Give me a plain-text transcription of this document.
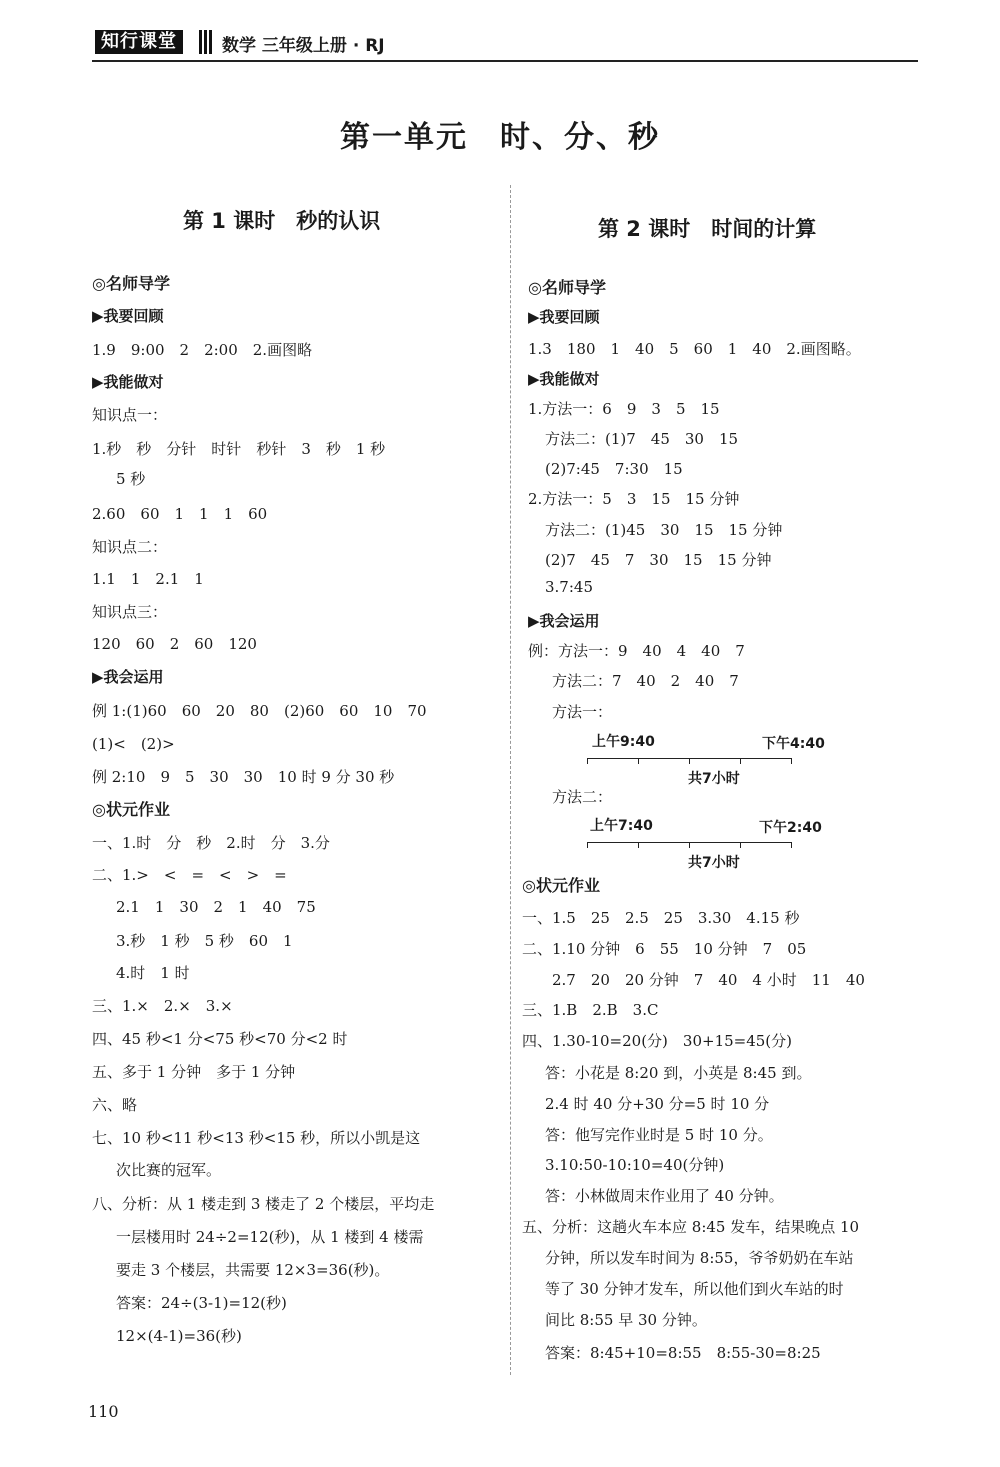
知行课堂	数学 三年级上册 · RJ
第一单元　时、分、秒
第 1 课时　秒的认识
◎名师导学
▶我要回顾
1.9　9:00　2　2:00　2.画图略
▶我能做对
知识点一：
1.秒　秒　分针　时针　秒针　3　秒　1 秒
5 秒
2.60　60　1　1　1　60
知识点二：
1.1　1　2.1　1
知识点三：
120　60　2　60　120
▶我会运用
例 1:(1)60　60　20　80　(2)60　60　10　70
(1)<　(2)>
例 2:10　9　5　30　30　10 时 9 分 30 秒
◎状元作业
一、1.时　分　秒　2.时　分　3.分
二、1.>　<　=　<　>　=
2.1　1　30　2　1　40　75
3.秒　1 秒　5 秒　60　1
4.时　1 时
三、1.×　2.×　3.×
四、45 秒<1 分<75 秒<70 分<2 时
五、多于 1 分钟　多于 1 分钟
六、略
七、10 秒<11 秒<13 秒<15 秒，所以小凯是这
次比赛的冠军。
八、分析：从 1 楼走到 3 楼走了 2 个楼层，平均走
一层楼用时 24÷2=12(秒)，从 1 楼到 4 楼需
要走 3 个楼层，共需要 12×3=36(秒)。
答案：24÷(3-1)=12(秒)
12×(4-1)=36(秒)
第 2 课时　时间的计算
◎名师导学
▶我要回顾
1.3　180　1　40　5　60　1　40　2.画图略。
▶我能做对
1.方法一：6　9　3　5　15
方法二：(1)7　45　30　15
(2)7:45　7:30　15
2.方法一：5　3　15　15 分钟
方法二：(1)45　30　15　15 分钟
(2)7　45　7　30　15　15 分钟
3.7:45
▶我会运用
例：方法一：9　40　4　40　7
方法二：7　40　2　40　7
方法一：
上午9:40	下午4:40
共7小时
方法二：
上午7:40	下午2:40
共7小时
◎状元作业
一、1.5　25　2.5　25　3.30　4.15 秒
二、1.10 分钟　6　55　10 分钟　7　05
2.7　20　20 分钟　7　40　4 小时　11　40
三、1.B　2.B　3.C
四、1.30-10=20(分)　30+15=45(分)
答：小花是 8:20 到，小英是 8:45 到。
2.4 时 40 分+30 分=5 时 10 分
答：他写完作业时是 5 时 10 分。
3.10:50-10:10=40(分钟)
答：小林做周末作业用了 40 分钟。
五、分析：这趟火车本应 8:45 发车，结果晚点 10
分钟，所以发车时间为 8:55，爷爷奶奶在车站
等了 30 分钟才发车，所以他们到火车站的时
间比 8:55 早 30 分钟。
答案：8:45+10=8:55　8:55-30=8:25
110
